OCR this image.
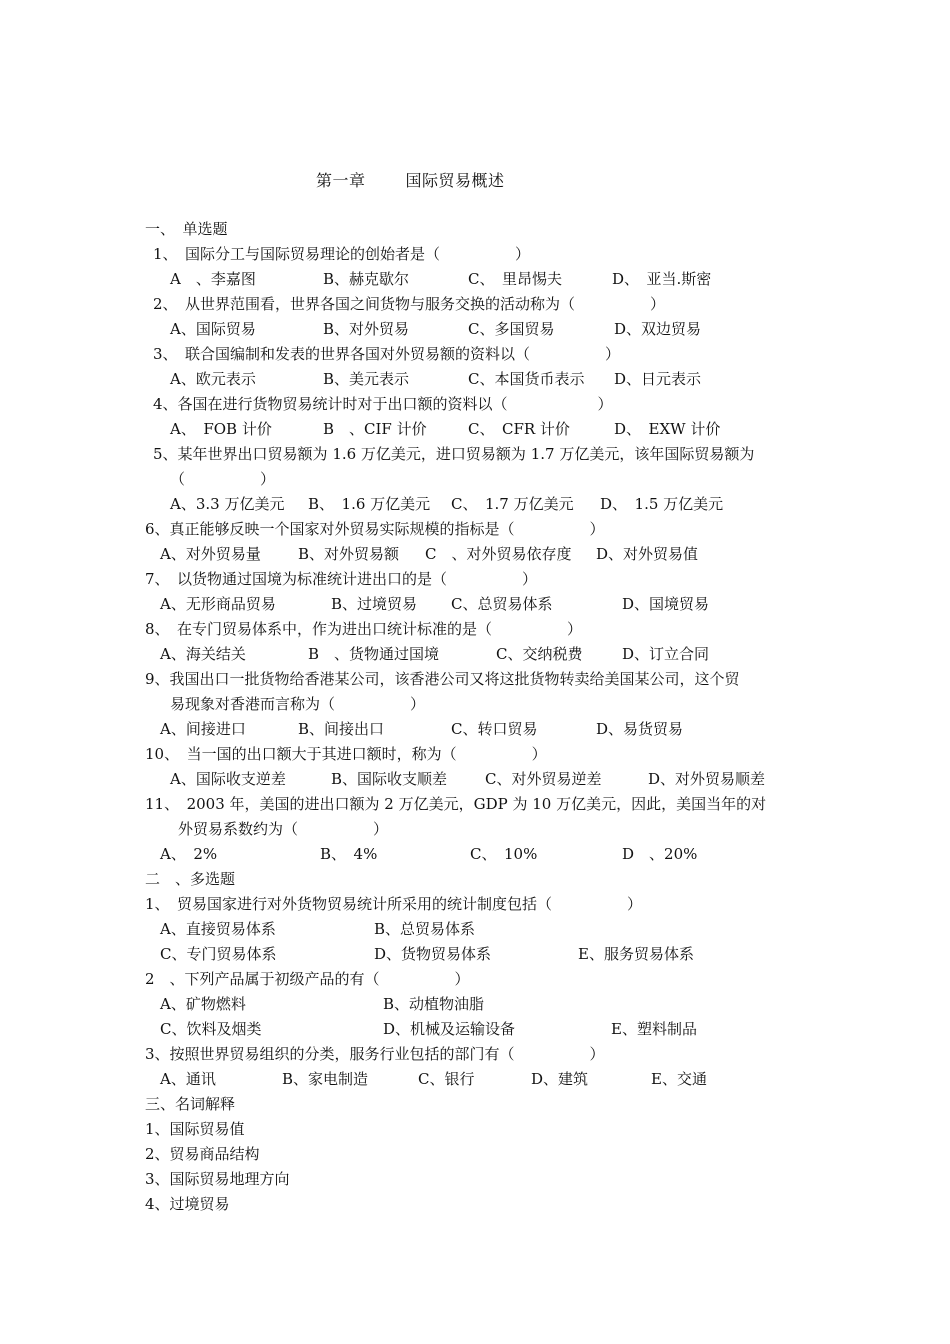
第一章	国际贸易概述
一、　单选题
1、　国际分工与国际贸易理论的创始者是（　　　　　）
A　、李嘉图	B、赫克歇尔	C、　里昂惕夫	D、　亚当.斯密
2、　从世界范围看，世界各国之间货物与服务交换的活动称为（　　　　　）
A、国际贸易	B、对外贸易	C、多国贸易	D、双边贸易
3、　联合国编制和发表的世界各国对外贸易额的资料以（　　　　　）
A、欧元表示	B、美元表示	C、本国货币表示 D、日元表示
4、各国在进行货物贸易统计时对于出口额的资料以（　　　　　　）
A、　FOB 计价	B　、CIF 计价	C、　CFR 计价	D、　EXW 计价
5、某年世界出口贸易额为 1.6 万亿美元，进口贸易额为 1.7 万亿美元，该年国际贸易额为
（　　　　　）
A、3.3 万亿美元 B、　1.6 万亿美元 C、　1.7 万亿美元 D、　1.5 万亿美元
6、真正能够反映一个国家对外贸易实际规模的指标是（　　　　　）
A、对外贸易量 B、对外贸易额 C　、对外贸易依存度 D、对外贸易值
7、　以货物通过国境为标准统计进出口的是（　　　　　）
A、无形商品贸易	B、过境贸易 C、总贸易体系	D、国境贸易
8、　在专门贸易体系中，作为进出口统计标准的是（　　　　　）
A、海关结关	B　、货物通过国境	C、交纳税费	D、订立合同
9、我国出口一批货物给香港某公司，该香港公司又将这批货物转卖给美国某公司，这个贸
易现象对香港而言称为（　　　　　）
A、间接进口	B、间接出口	C、转口贸易	D、易货贸易
10、　当一国的出口额大于其进口额时，称为（　　　　　）
A、国际收支逆差	B、国际收支顺差	C、对外贸易逆差	D、对外贸易顺差
11、　2003 年，美国的进出口额为 2 万亿美元，GDP 为 10 万亿美元，因此，美国当年的对
外贸易系数约为（　　　　　）
A、　2%	B、　4%	C、　10%	D　、20%
二　、多选题
1、　贸易国家进行对外货物贸易统计所采用的统计制度包括（　　　　　）
A、直接贸易体系	B、总贸易体系
C、专门贸易体系	D、货物贸易体系	E、服务贸易体系
2　、下列产品属于初级产品的有（　　　　　）
A、矿物燃料	B、动植物油脂
C、饮料及烟类	D、机械及运输设备	E、塑料制品
3、按照世界贸易组织的分类，服务行业包括的部门有（　　　　　）
A、通讯	B、家电制造	C、银行	D、建筑	E、交通
三、名词解释
1、国际贸易值
2、贸易商品结构
3、国际贸易地理方向
4、过境贸易
